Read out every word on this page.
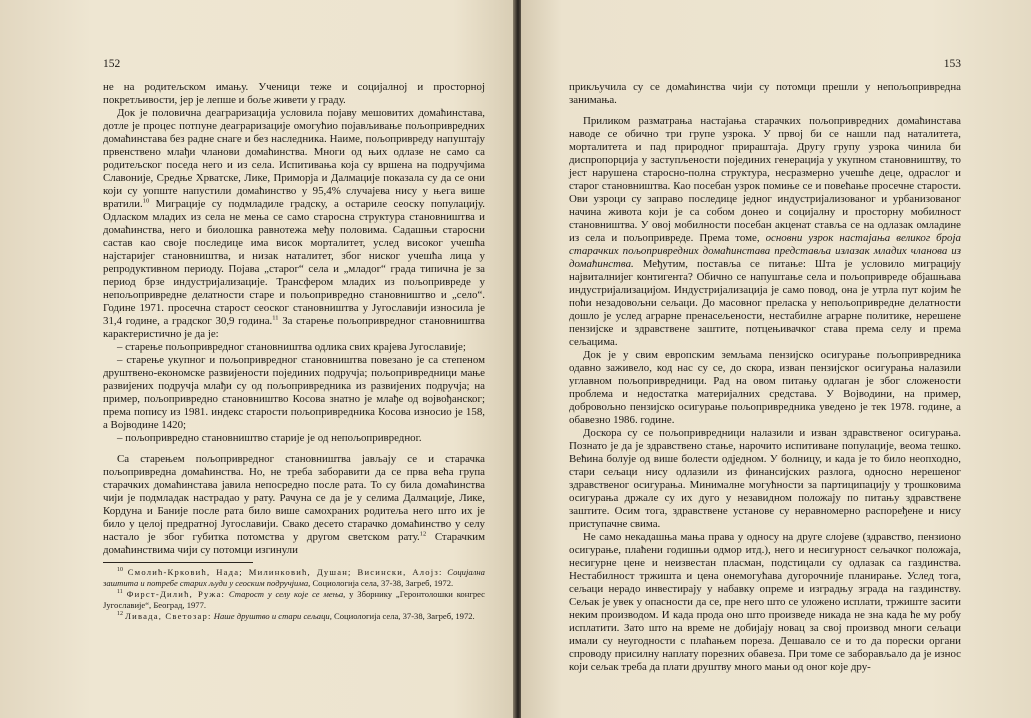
152

не на родитељском имању. Ученици теже и социјалној и просторној покретљивости, јер је лепше и боље живети у граду.

Док је половична деаграризација условила појаву мешовитих домаћинстава, дотле је процес потпуне деаграризације омогућио појављивање пољопривредних домаћинстава без радне снаге и без наследника. Наиме, пољопривреду напуштају првенствено млађи чланови домаћинства. Многи од њих одлазе не само са родитељског поседа него и из села. Испитивања која су вршена на подручјима Славоније, Средње Хрватске, Лике, Приморја и Далмације показала су да се они који су уопште напустили домаћинство у 95,4% случајева нису у њега више вратили.$^{10}$ Миграције су подмладиле градску, а остариле сеоску популацију. Одласком младих из села не мења се само старосна структура становништва и домаћинства, него и биолошка равнотежа међу половима. Садашњи старосни састав као своје последице има висок морталитет, услед високог учешћа најстаријег становништва, и низак наталитет, због ниског учешћа лица у репродуктивном периоду. Појава „старог“ села и „младог“ града типична је за период брзе индустријализације. Трансфером младих из пољопривреде у непољопривредне делатности старе и пољопривредно становништво и „село“. Године 1971. просечна старост сеоског становништва у Југославији износила је 31,4 године, а градског 30,9 година.$^{11}$ За старење пољопривредног становништва карактеристично је да је:

– старење пољопривредног становништва одлика свих крајева Југославије;

– старење укупног и пољопривредног становништва повезано је са степеном друштвено-економске развијености појединих подручја; пољопривредници мање развијених подручја млађи су од пољопривредника из развијених подручја; на пример, пољопривредно становништво Косова знатно је млађе од војвођанског; према попису из 1981. индекс старости пољопривредника Косова износио је 158, а Војводине 1420;

– пољопривредно становништво старије је од непољопривредног.

Са старењем пољопривредног становништва јављају се и старачка пољопривредна домаћинства. Но, не треба заборавити да се прва већа група старачких домаћинстава јавила непосредно после рата. То су била домаћинства чији је подмладак настрадао у рату. Рачуна се да је у селима Далмације, Лике, Кордуна и Баније после рата било више самохраних родитеља него што их је било у целој предратној Југославији. Свако десето старачко домаћинство у селу настало је због губитка потомства у другом светском рату.$^{12}$ Старачким домаћинствима чији су потомци изгинули

$^{10}$ Смолић-Крковић, Нада; Милинковић, Душан; Висински, Алојз: Социјална заштита и потребе старих људи у сеоским подручјима, Социологија села, 37-38, Загреб, 1972.

$^{11}$ Фирст-Дилић, Ружа: Старост у селу које се мења, у Зборнику „Геронтолошки конгрес Југославије“, Београд, 1977.

$^{12}$ Ливада, Светозар: Наше друштво и стари сељаци, Социологија села, 37-38, Загреб, 1972.

153

прикључила су се домаћинства чији су потомци прешли у непољопривредна занимања.

Приликом разматрања настајања старачких пољопривредних домаћинстава наводе се обично три групе узрока. У првој би се нашли пад наталитета, морталитета и пад природног прираштаја. Другу групу узрока чинила би диспропорција у заступљености појединих генерација у укупном становништву, то јест нарушена старосно-полна структура, несразмерно учешће деце, одраслог и старог становништва. Као посебан узрок помиње се и повећање просечне старости. Ови узроци су заправо последице једног индустријализованог и урбанизованог начина живота који је са собом донео и социјалну и просторну мобилност становништва. У овој мобилности посебан акценат ставља се на одлазак омладине из села и пољопривреде. Према томе, основни узрок настајања великог броја старачких пољопривредних домаћинстава представља излазак младих чланова из домаћинства. Међутим, поставља се питање: Шта је условило миграцију највиталнијег контигента? Обично се напуштање села и пољопривреде објашњава индустријализацијом. Индустријализација је само повод, она је утрла пут којим ће поћи незадовољни сељаци. До масовног преласка у непољопривредне делатности дошло је услед аграрне пренасељености, нестабилне аграрне политике, нерешене пензијске и здравствене заштите, потцењивачког става према селу и према сељацима.

Док је у свим европским земљама пензијско осигурање пољопривредника одавно заживело, код нас су се, до скора, изван пензијског осигурања налазили углавном пољопривредници. Рад на овом питању одлаган је због сложености проблема и недостатка материјалних средстава. У Војводини, на пример, добровољно пензијско осигурање пољопривредника уведено је тек 1978. године, а обавезно 1986. године.

Доскора су се пољопривредници налазили и изван здравственог осигурања. Познато је да је здравствено стање, нарочито испитиване популације, веома тешко. Већина болује од више болести одједном. У болницу, и када је то било неопходно, стари сељаци нису одлазили из финансијских разлога, односно нерешеног здравственог осигурања. Минималне могућности за партиципацију у трошковима осигурања држале су их дуго у незавидном положају по питању здравствене заштите. Осим тога, здравствене установе су неравномерно распоређене и нису приступачне свима.

Не само некадашња мања права у односу на друге слојеве (здравство, пензионо осигурање, плаћени годишњи одмор итд.), него и несигурност сељачког положаја, несигурне цене и неизвестан пласман, подстицали су одлазак са газдинства. Нестабилност тржишта и цена онемогућава дугорочније планирање. Услед тога, сељаци нерадо инвестирају у набавку опреме и изградњу зграда на газдинству. Сељак је увек у опасности да се, пре него што се уложено исплати, тржиште засити неким производом. И када прода оно што произведе никада не зна када ће му робу исплатити. Зато што на време не добијају новац за свој производ многи сељаци имали су неугодности с плаћањем пореза. Дешавало се и то да порески органи спроводу присилну наплату порезних обавеза. При томе се заборављало да је износ који сељак треба да плати друштву много мањи од оног које дру-
